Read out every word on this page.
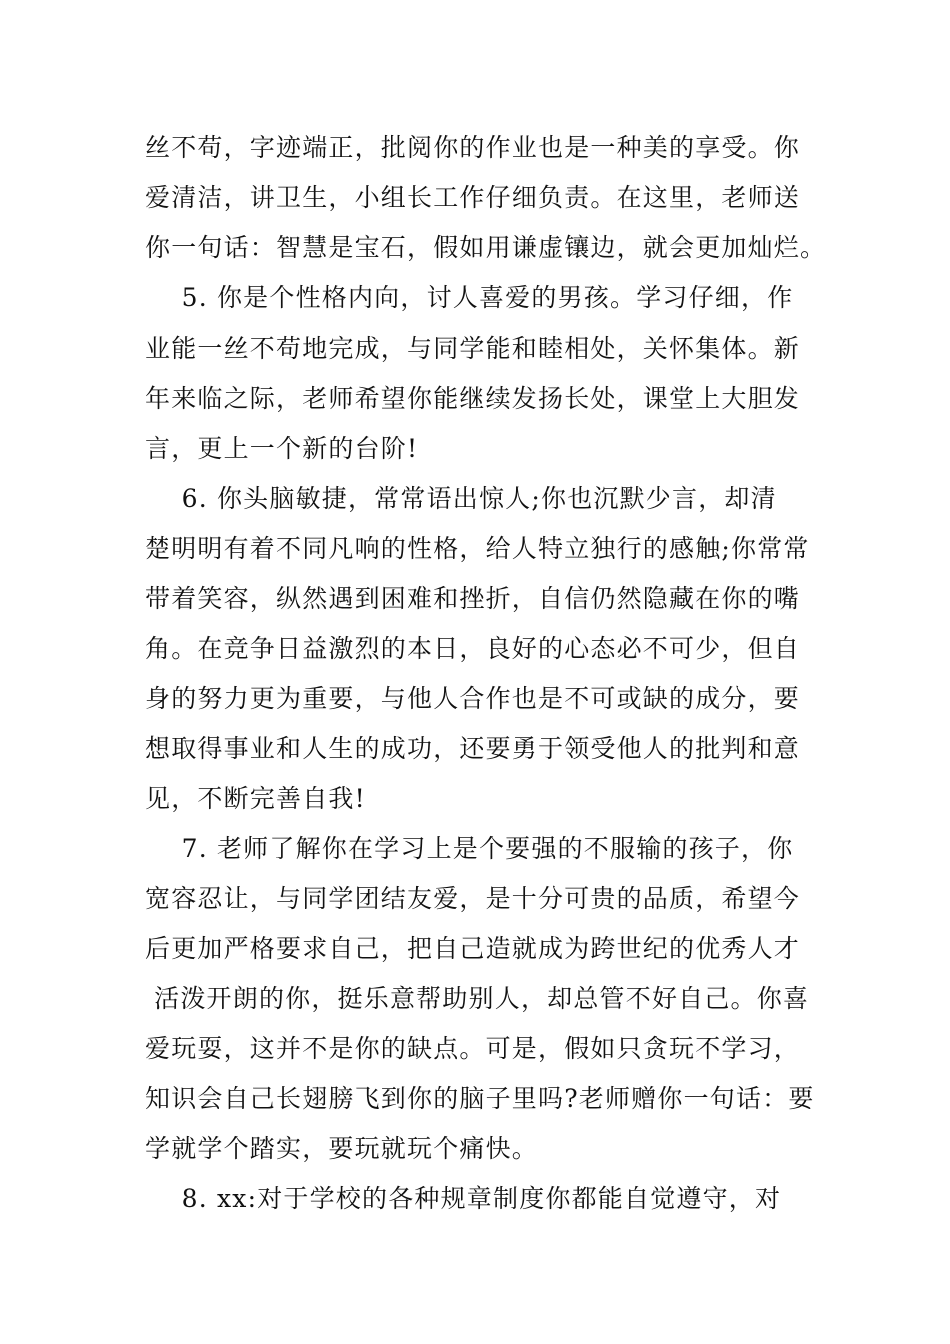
丝不苟，字迹端正，批阅你的作业也是一种美的享受。你
爱清洁，讲卫生，小组长工作仔细负责。在这里，老师送
你一句话：智慧是宝石，假如用谦虚镶边，就会更加灿烂。
5. 你是个性格内向，讨人喜爱的男孩。学习仔细，作
业能一丝不苟地完成，与同学能和睦相处，关怀集体。新
年来临之际，老师希望你能继续发扬长处，课堂上大胆发
言，更上一个新的台阶!
6. 你头脑敏捷，常常语出惊人;你也沉默少言，却清
楚明明有着不同凡响的性格，给人特立独行的感触;你常常
带着笑容，纵然遇到困难和挫折，自信仍然隐藏在你的嘴
角。在竞争日益激烈的本日，良好的心态必不可少，但自
身的努力更为重要，与他人合作也是不可或缺的成分，要
想取得事业和人生的成功，还要勇于领受他人的批判和意
见，不断完善自我!
7. 老师了解你在学习上是个要强的不服输的孩子，你
宽容忍让，与同学团结友爱，是十分可贵的品质，希望今
后更加严格要求自己，把自己造就成为跨世纪的优秀人才
活泼开朗的你，挺乐意帮助别人，却总管不好自己。你喜
爱玩耍，这并不是你的缺点。可是，假如只贪玩不学习，
知识会自己长翅膀飞到你的脑子里吗?老师赠你一句话：要
学就学个踏实，要玩就玩个痛快。
8. xx:对于学校的各种规章制度你都能自觉遵守，对
